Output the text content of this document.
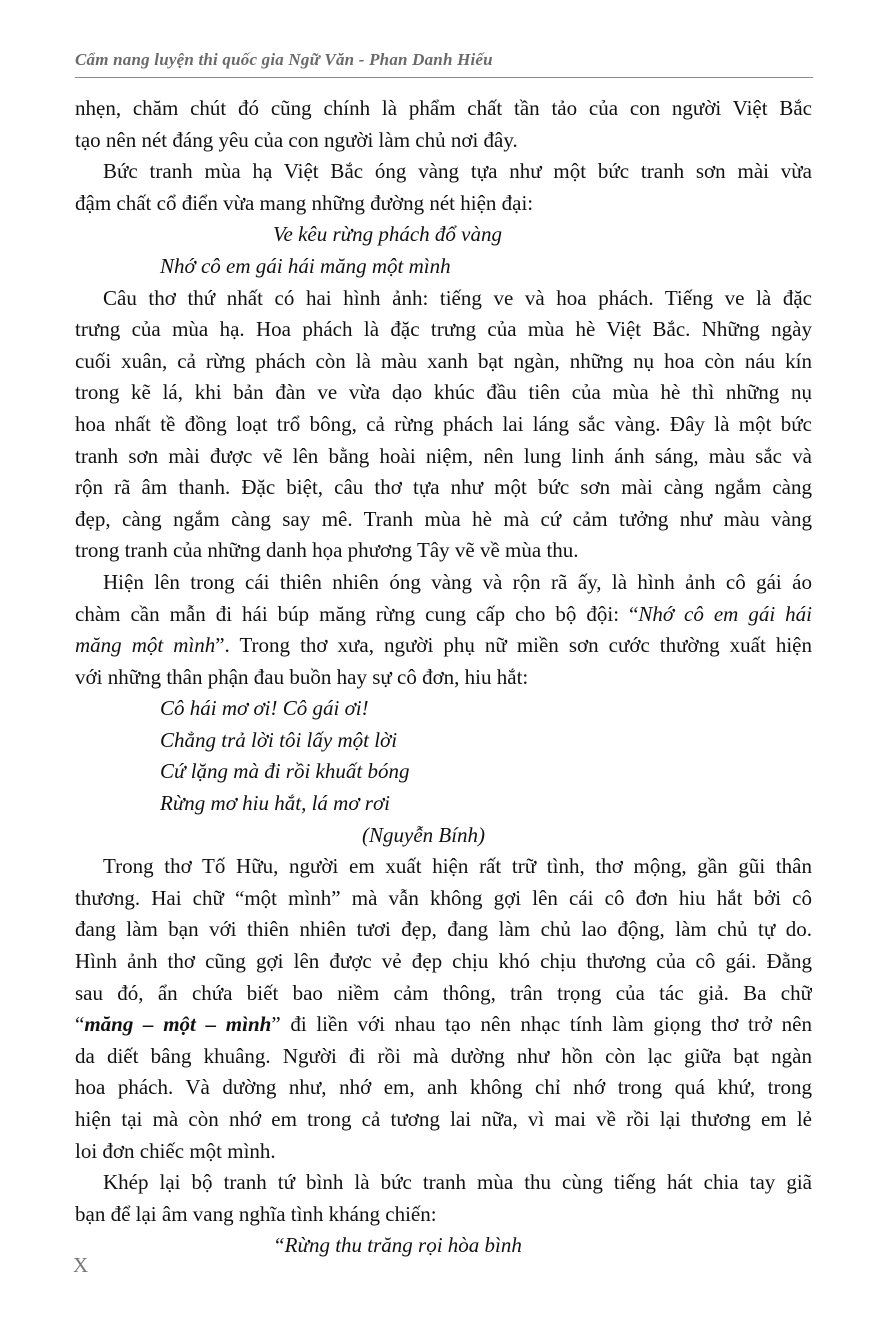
Cẩm nang luyện thi quốc gia Ngữ Văn - Phan Danh Hiếu
nhẹn, chăm chút đó cũng chính là phẩm chất tần tảo của con người Việt Bắc
tạo nên nét đáng yêu của con người làm chủ nơi đây.
Bức tranh mùa hạ Việt Bắc óng vàng tựa như một bức tranh sơn mài vừa
đậm chất cổ điển vừa mang những đường nét hiện đại:
Ve kêu rừng phách đổ vàng
Nhớ cô em gái hái măng một mình
Câu thơ thứ nhất có hai hình ảnh: tiếng ve và hoa phách. Tiếng ve là đặc
trưng của mùa hạ. Hoa phách là đặc trưng của mùa hè Việt Bắc. Những ngày
cuối xuân, cả rừng phách còn là màu xanh bạt ngàn, những nụ hoa còn náu kín
trong kẽ lá, khi bản đàn ve vừa dạo khúc đầu tiên của mùa hè thì những nụ
hoa nhất tề đồng loạt trổ bông, cả rừng phách lai láng sắc vàng. Đây là một bức
tranh sơn mài được vẽ lên bằng hoài niệm, nên lung linh ánh sáng, màu sắc và
rộn rã âm thanh. Đặc biệt, câu thơ tựa như một bức sơn mài càng ngắm càng
đẹp, càng ngắm càng say mê. Tranh mùa hè mà cứ cảm tưởng như màu vàng
trong tranh của những danh họa phương Tây vẽ về mùa thu.
Hiện lên trong cái thiên nhiên óng vàng và rộn rã ấy, là hình ảnh cô gái áo
chàm cần mẫn đi hái búp măng rừng cung cấp cho bộ đội: “Nhớ cô em gái hái
măng một mình”. Trong thơ xưa, người phụ nữ miền sơn cước thường xuất hiện
với những thân phận đau buồn hay sự cô đơn, hiu hắt:
Cô hái mơ ơi! Cô gái ơi!
Chẳng trả lời tôi lấy một lời
Cứ lặng mà đi rồi khuất bóng
Rừng mơ hiu hắt, lá mơ rơi
(Nguyễn Bính)
Trong thơ Tố Hữu, người em xuất hiện rất trữ tình, thơ mộng, gần gũi thân
thương. Hai chữ “một mình” mà vẫn không gợi lên cái cô đơn hiu hắt bởi cô
đang làm bạn với thiên nhiên tươi đẹp, đang làm chủ lao động, làm chủ tự do.
Hình ảnh thơ cũng gợi lên được vẻ đẹp chịu khó chịu thương của cô gái. Đằng
sau đó, ẩn chứa biết bao niềm cảm thông, trân trọng của tác giả. Ba chữ
“măng – một – mình” đi liền với nhau tạo nên nhạc tính làm giọng thơ trở nên
da diết bâng khuâng. Người đi rồi mà dường như hồn còn lạc giữa bạt ngàn
hoa phách. Và dường như, nhớ em, anh không chỉ nhớ trong quá khứ, trong
hiện tại mà còn nhớ em trong cả tương lai nữa, vì mai về rồi lại thương em lẻ
loi đơn chiếc một mình.
Khép lại bộ tranh tứ bình là bức tranh mùa thu cùng tiếng hát chia tay giã
bạn để lại âm vang nghĩa tình kháng chiến:
“Rừng thu trăng rọi hòa bình
X
